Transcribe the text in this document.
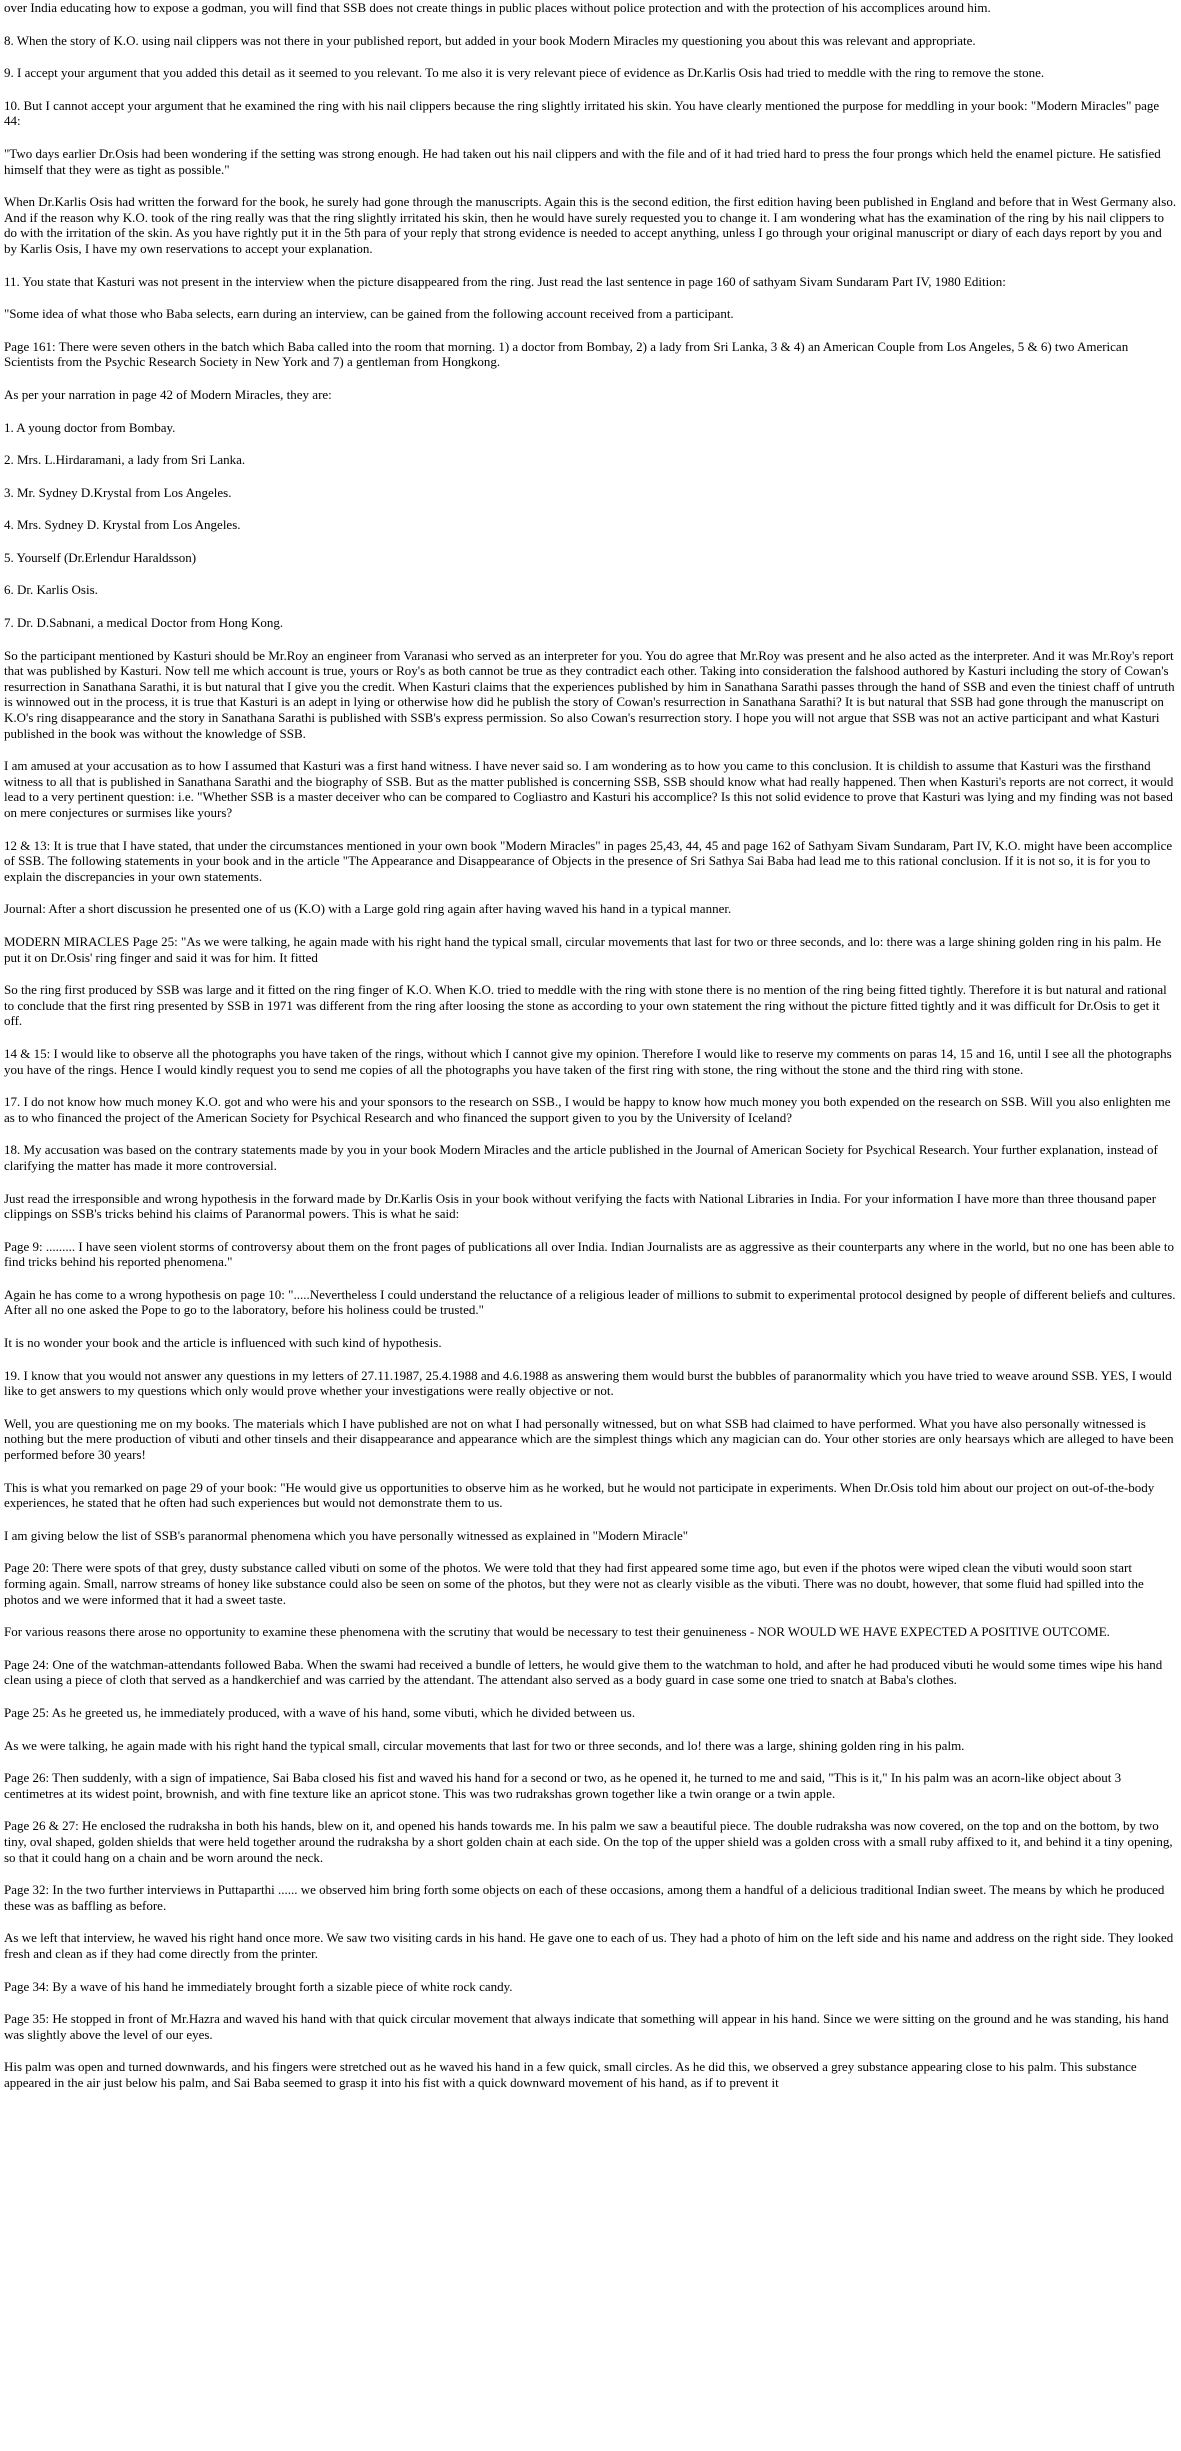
over India educating how to expose a godman, you will find that SSB does not create things in public places without police protection and with the protection of his accomplices around him.

8. When the story of K.O. using nail clippers was not there in your published report, but added in your book Modern Miracles my questioning you about this was relevant and appropriate.

9. I accept your argument that you added this detail as it seemed to you relevant. To me also it is very relevant piece of evidence as Dr.Karlis Osis had tried to meddle with the ring to remove the stone.

10. But I cannot accept your argument that he examined the ring with his nail clippers because the ring slightly irritated his skin. You have clearly mentioned the purpose for meddling in your book: "Modern Miracles" page 44:

"Two days earlier Dr.Osis had been wondering if the setting was strong enough. He had taken out his nail clippers and with the file and of it had tried hard to press the four prongs which held the enamel picture. He satisfied himself that they were as tight as possible."

When Dr.Karlis Osis had written the forward for the book, he surely had gone through the manuscripts. Again this is the second edition, the first edition having been published in England and before that in West Germany also. And if the reason why K.O. took of the ring really was that the ring slightly irritated his skin, then he would have surely requested you to change it. I am wondering what has the examination of the ring by his nail clippers to do with the irritation of the skin. As you have rightly put it in the 5th para of your reply that strong evidence is needed to accept anything, unless I go through your original manuscript or diary of each days report by you and by Karlis Osis, I have my own reservations to accept your explanation.

11. You state that Kasturi was not present in the interview when the picture disappeared from the ring. Just read the last sentence in page 160 of sathyam Sivam Sundaram Part IV, 1980 Edition:

"Some idea of what those who Baba selects, earn during an interview, can be gained from the following account received from a participant.

Page 161: There were seven others in the batch which Baba called into the room that morning. 1) a doctor from Bombay, 2) a lady from Sri Lanka, 3 & 4) an American Couple from Los Angeles, 5 & 6) two American Scientists from the Psychic Research Society in New York and 7) a gentleman from Hongkong.

As per your narration in page 42 of Modern Miracles, they are:

1. A young doctor from Bombay.

2. Mrs. L.Hirdaramani, a lady from Sri Lanka.

3. Mr. Sydney D.Krystal from Los Angeles.

4. Mrs. Sydney D. Krystal from Los Angeles.

5. Yourself (Dr.Erlendur Haraldsson)

6. Dr. Karlis Osis.

7. Dr. D.Sabnani, a medical Doctor from Hong Kong.

So the participant mentioned by Kasturi should be Mr.Roy an engineer from Varanasi who served as an interpreter for you. You do agree that Mr.Roy was present and he also acted as the interpreter. And it was Mr.Roy's report that was published by Kasturi. Now tell me which account is true, yours or Roy's as both cannot be true as they contradict each other. Taking into consideration the falshood authored by Kasturi including the story of Cowan's resurrection in Sanathana Sarathi, it is but natural that I give you the credit. When Kasturi claims that the experiences published by him in Sanathana Sarathi passes through the hand of SSB and even the tiniest chaff of untruth is winnowed out in the process, it is true that Kasturi is an adept in lying or otherwise how did he publish the story of Cowan's resurrection in Sanathana Sarathi? It is but natural that SSB had gone through the manuscript on K.O's ring disappearance and the story in Sanathana Sarathi is published with SSB's express permission. So also Cowan's resurrection story. I hope you will not argue that SSB was not an active participant and what Kasturi published in the book was without the knowledge of SSB.

I am amused at your accusation as to how I assumed that Kasturi was a first hand witness. I have never said so. I am wondering as to how you came to this conclusion. It is childish to assume that Kasturi was the firsthand witness to all that is published in Sanathana Sarathi and the biography of SSB. But as the matter published is concerning SSB, SSB should know what had really happened. Then when Kasturi's reports are not correct, it would lead to a very pertinent question: i.e. "Whether SSB is a master deceiver who can be compared to Cogliastro and Kasturi his accomplice? Is this not solid evidence to prove that Kasturi was lying and my finding was not based on mere conjectures or surmises like yours?

12 & 13: It is true that I have stated, that under the circumstances mentioned in your own book "Modern Miracles" in pages 25,43, 44, 45 and page 162 of Sathyam Sivam Sundaram, Part IV, K.O. might have been accomplice of SSB. The following statements in your book and in the article "The Appearance and Disappearance of Objects in the presence of Sri Sathya Sai Baba had lead me to this rational conclusion. If it is not so, it is for you to explain the discrepancies in your own statements.

Journal: After a short discussion he presented one of us (K.O) with a Large gold ring again after having waved his hand in a typical manner.

MODERN MIRACLES Page 25: "As we were talking, he again made with his right hand the typical small, circular movements that last for two or three seconds, and lo: there was a large shining golden ring in his palm. He put it on Dr.Osis' ring finger and said it was for him. It fitted

So the ring first produced by SSB was large and it fitted on the ring finger of K.O. When K.O. tried to meddle with the ring with stone there is no mention of the ring being fitted tightly. Therefore it is but natural and rational to conclude that the first ring presented by SSB in 1971 was different from the ring after loosing the stone as according to your own statement the ring without the picture fitted tightly and it was difficult for Dr.Osis to get it off.

14 & 15: I would like to observe all the photographs you have taken of the rings, without which I cannot give my opinion. Therefore I would like to reserve my comments on paras 14, 15 and 16, until I see all the photographs you have of the rings. Hence I would kindly request you to send me copies of all the photographs you have taken of the first ring with stone, the ring without the stone and the third ring with stone.

17. I do not know how much money K.O. got and who were his and your sponsors to the research on SSB., I would be happy to know how much money you both expended on the research on SSB. Will you also enlighten me as to who financed the project of the American Society for Psychical Research and who financed the support given to you by the University of Iceland?

18. My accusation was based on the contrary statements made by you in your book Modern Miracles and the article published in the Journal of American Society for Psychical Research. Your further explanation, instead of clarifying the matter has made it more controversial.

Just read the irresponsible and wrong hypothesis in the forward made by Dr.Karlis Osis in your book without verifying the facts with National Libraries in India. For your information I have more than three thousand paper clippings on SSB's tricks behind his claims of Paranormal powers. This is what he said:

Page 9: ......... I have seen violent storms of controversy about them on the front pages of publications all over India. Indian Journalists are as aggressive as their counterparts any where in the world, but no one has been able to find tricks behind his reported phenomena."

Again he has come to a wrong hypothesis on page 10: ".....Nevertheless I could understand the reluctance of a religious leader of millions to submit to experimental protocol designed by people of different beliefs and cultures. After all no one asked the Pope to go to the laboratory, before his holiness could be trusted."

It is no wonder your book and the article is influenced with such kind of hypothesis.

19. I know that you would not answer any questions in my letters of 27.11.1987, 25.4.1988 and 4.6.1988 as answering them would burst the bubbles of paranormality which you have tried to weave around SSB. YES, I would like to get answers to my questions which only would prove whether your investigations were really objective or not.

Well, you are questioning me on my books. The materials which I have published are not on what I had personally witnessed, but on what SSB had claimed to have performed. What you have also personally witnessed is nothing but the mere production of vibuti and other tinsels and their disappearance and appearance which are the simplest things which any magician can do. Your other stories are only hearsays which are alleged to have been performed before 30 years!

This is what you remarked on page 29 of your book: "He would give us opportunities to observe him as he worked, but he would not participate in experiments. When Dr.Osis told him about our project on out-of-the-body experiences, he stated that he often had such experiences but would not demonstrate them to us.

I am giving below the list of SSB's paranormal phenomena which you have personally witnessed as explained in "Modern Miracle"

Page 20: There were spots of that grey, dusty substance called vibuti on some of the photos. We were told that they had first appeared some time ago, but even if the photos were wiped clean the vibuti would soon start forming again. Small, narrow streams of honey like substance could also be seen on some of the photos, but they were not as clearly visible as the vibuti. There was no doubt, however, that some fluid had spilled into the photos and we were informed that it had a sweet taste.

For various reasons there arose no opportunity to examine these phenomena with the scrutiny that would be necessary to test their genuineness - NOR WOULD WE HAVE EXPECTED A POSITIVE OUTCOME.

Page 24: One of the watchman-attendants followed Baba. When the swami had received a bundle of letters, he would give them to the watchman to hold, and after he had produced vibuti he would some times wipe his hand clean using a piece of cloth that served as a handkerchief and was carried by the attendant. The attendant also served as a body guard in case some one tried to snatch at Baba's clothes.

Page 25: As he greeted us, he immediately produced, with a wave of his hand, some vibuti, which he divided between us.

As we were talking, he again made with his right hand the typical small, circular movements that last for two or three seconds, and lo! there was a large, shining golden ring in his palm.

Page 26: Then suddenly, with a sign of impatience, Sai Baba closed his fist and waved his hand for a second or two, as he opened it, he turned to me and said, "This is it," In his palm was an acorn-like object about 3 centimetres at its widest point, brownish, and with fine texture like an apricot stone. This was two rudrakshas grown together like a twin orange or a twin apple.

Page 26 & 27: He enclosed the rudraksha in both his hands, blew on it, and opened his hands towards me. In his palm we saw a beautiful piece. The double rudraksha was now covered, on the top and on the bottom, by two tiny, oval shaped, golden shields that were held together around the rudraksha by a short golden chain at each side. On the top of the upper shield was a golden cross with a small ruby affixed to it, and behind it a tiny opening, so that it could hang on a chain and be worn around the neck.

Page 32: In the two further interviews in Puttaparthi ...... we observed him bring forth some objects on each of these occasions, among them a handful of a delicious traditional Indian sweet. The means by which he produced these was as baffling as before.

As we left that interview, he waved his right hand once more. We saw two visiting cards in his hand. He gave one to each of us. They had a photo of him on the left side and his name and address on the right side. They looked fresh and clean as if they had come directly from the printer.

Page 34: By a wave of his hand he immediately brought forth a sizable piece of white rock candy.

Page 35: He stopped in front of Mr.Hazra and waved his hand with that quick circular movement that always indicate that something will appear in his hand. Since we were sitting on the ground and he was standing, his hand was slightly above the level of our eyes.

His palm was open and turned downwards, and his fingers were stretched out as he waved his hand in a few quick, small circles. As he did this, we observed a grey substance appearing close to his palm. This substance appeared in the air just below his palm, and Sai Baba seemed to grasp it into his fist with a quick downward movement of his hand, as if to prevent it
